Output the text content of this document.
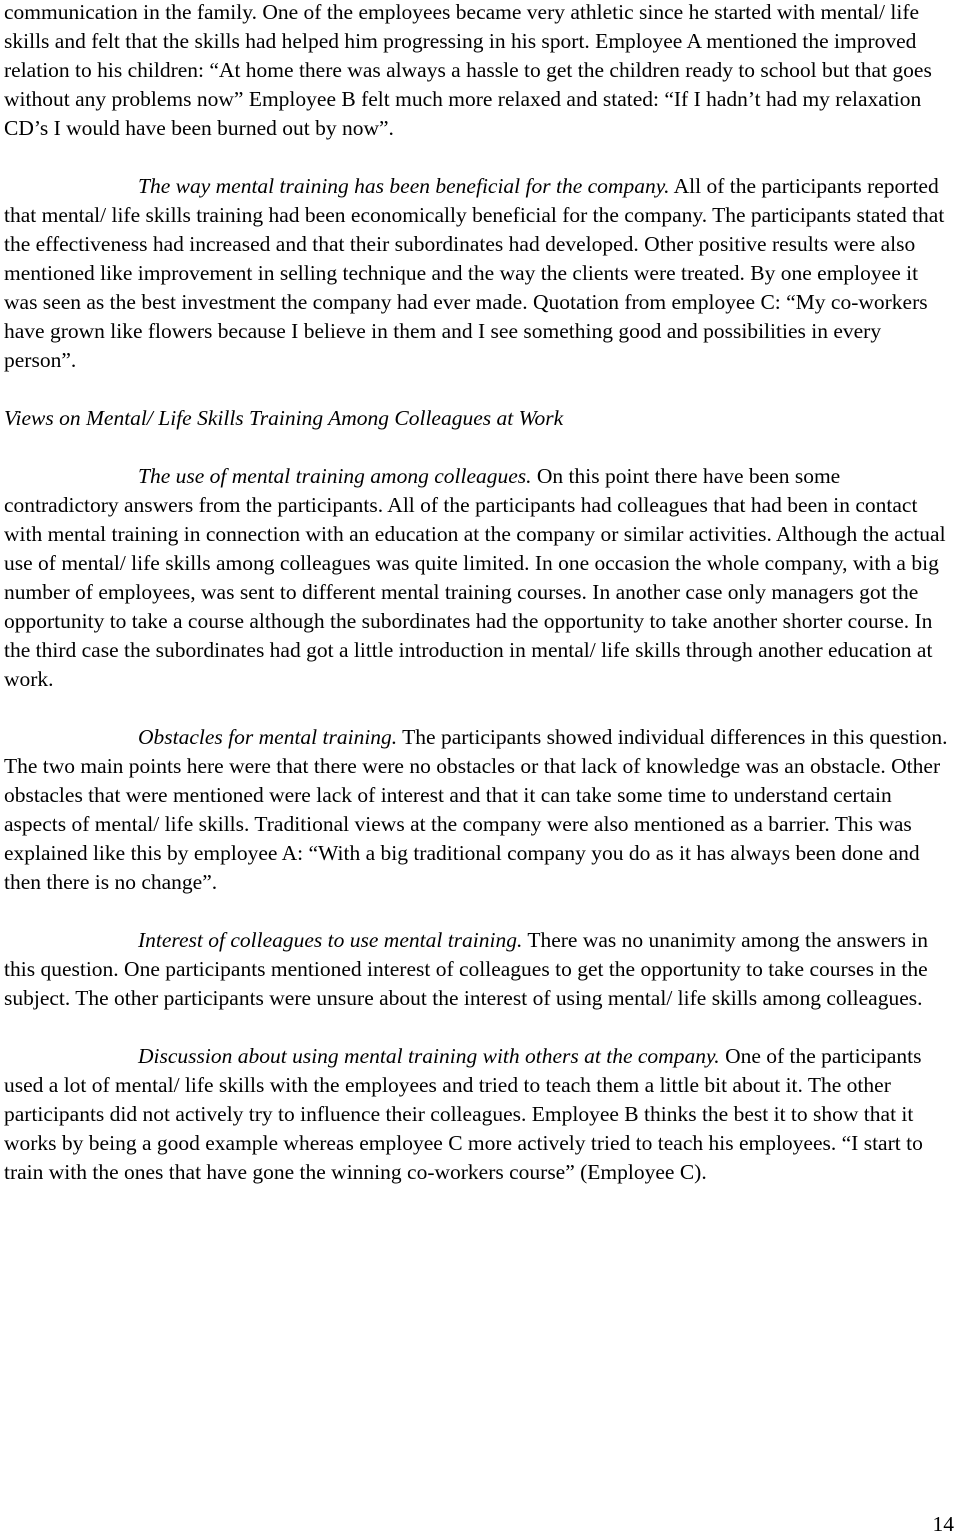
communication in the family. One of the employees became very athletic since he started with mental/ life skills and felt that the skills had helped him progressing in his sport. Employee A mentioned the improved relation to his children: “At home there was always a hassle to get the children ready to school but that goes without any problems now” Employee B felt much more relaxed and stated: “If I hadn’t had my relaxation CD’s I would have been burned out by now”.

The way mental training has been beneficial for the company. All of the participants reported that mental/ life skills training had been economically beneficial for the company. The participants stated that the effectiveness had increased and that their subordinates had developed. Other positive results were also mentioned like improvement in selling technique and the way the clients were treated. By one employee it was seen as the best investment the company had ever made. Quotation from employee C: “My co-workers have grown like flowers because I believe in them and I see something good and possibilities in every person”.

Views on Mental/ Life Skills Training Among Colleagues at Work

The use of mental training among colleagues. On this point there have been some contradictory answers from the participants. All of the participants had colleagues that had been in contact with mental training in connection with an education at the company or similar activities. Although the actual use of mental/ life skills among colleagues was quite limited. In one occasion the whole company, with a big number of employees, was sent to different mental training courses. In another case only managers got the opportunity to take a course although the subordinates had the opportunity to take another shorter course. In the third case the subordinates had got a little introduction in mental/ life skills through another education at work.

Obstacles for mental training. The participants showed individual differences in this question. The two main points here were that there were no obstacles or that lack of knowledge was an obstacle. Other obstacles that were mentioned were lack of interest and that it can take some time to understand certain aspects of mental/ life skills. Traditional views at the company were also mentioned as a barrier. This was explained like this by employee A: “With a big traditional company you do as it has always been done and then there is no change”.

Interest of colleagues to use mental training. There was no unanimity among the answers in this question. One participants mentioned interest of colleagues to get the opportunity to take courses in the subject. The other participants were unsure about the interest of using mental/ life skills among colleagues.

Discussion about using mental training with others at the company. One of the participants used a lot of mental/ life skills with the employees and tried to teach them a little bit about it. The other participants did not actively try to influence their colleagues. Employee B thinks the best it to show that it works by being a good example whereas employee C more actively tried to teach his employees. “I start to train with the ones that have gone the winning co-workers course” (Employee C).

14
